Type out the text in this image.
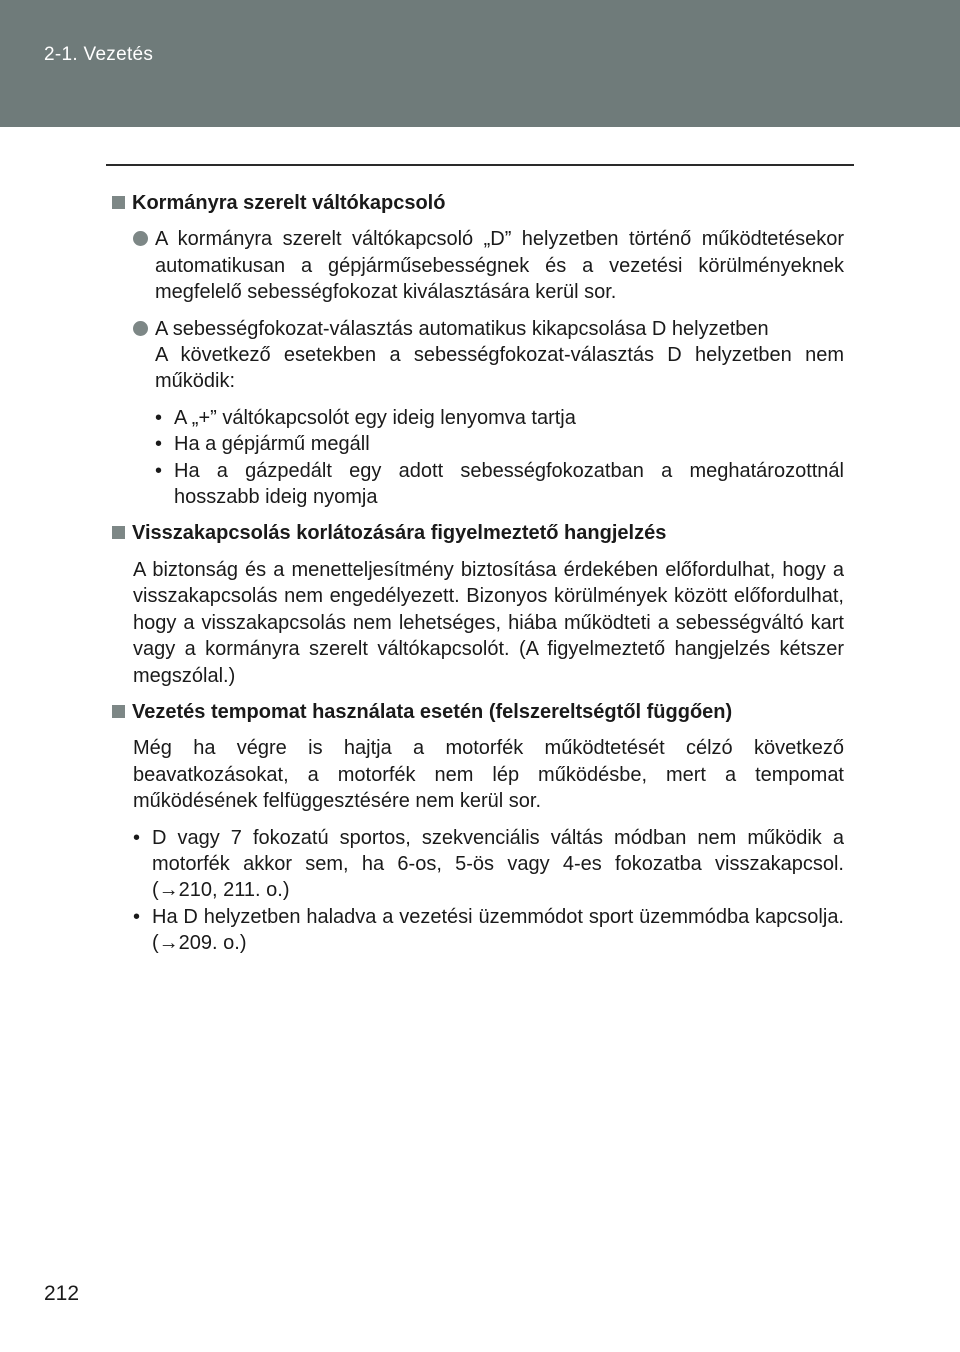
2-1. Vezetés
Kormányra szerelt váltókapcsoló

A kormányra szerelt váltókapcsoló „D” helyzetben történő működtetésekor automatikusan a gépjárműsebességnek és a vezetési körülményeknek megfelelő sebességfokozat kiválasztására kerül sor.

A sebességfokozat-választás automatikus kikapcsolása D helyzetben

A következő esetekben a sebességfokozat-választás D helyzetben nem működik:

• A „+” váltókapcsolót egy ideig lenyomva tartja
• Ha a gépjármű megáll
• Ha a gázpedált egy adott sebességfokozatban a meghatározottnál hosszabb ideig nyomja
Visszakapcsolás korlátozására figyelmeztető hangjelzés
A biztonság és a menetteljesítmény biztosítása érdekében előfordulhat, hogy a visszakapcsolás nem engedélyezett. Bizonyos körülmények között előfordulhat, hogy a visszakapcsolás nem lehetséges, hiába működteti a sebességváltó kart vagy a kormányra szerelt váltókapcsolót. (A figyelmeztető hangjelzés kétszer megszólal.)
Vezetés tempomat használata esetén (felszereltségtől függően)
Még ha végre is hajtja a motorfék működtetését célzó következő beavatkozásokat, a motorfék nem lép működésbe, mert a tempomat működésének felfüggesztésére nem kerül sor.
• D vagy 7 fokozatú sportos, szekvenciális váltás módban nem működik a motorfék akkor sem, ha 6-os, 5-ös vagy 4-es fokozatba visszakapcsol. (→210, 211. o.)
• Ha D helyzetben haladva a vezetési üzemmódot sport üzemmódba kapcsolja. (→209. o.)
212
